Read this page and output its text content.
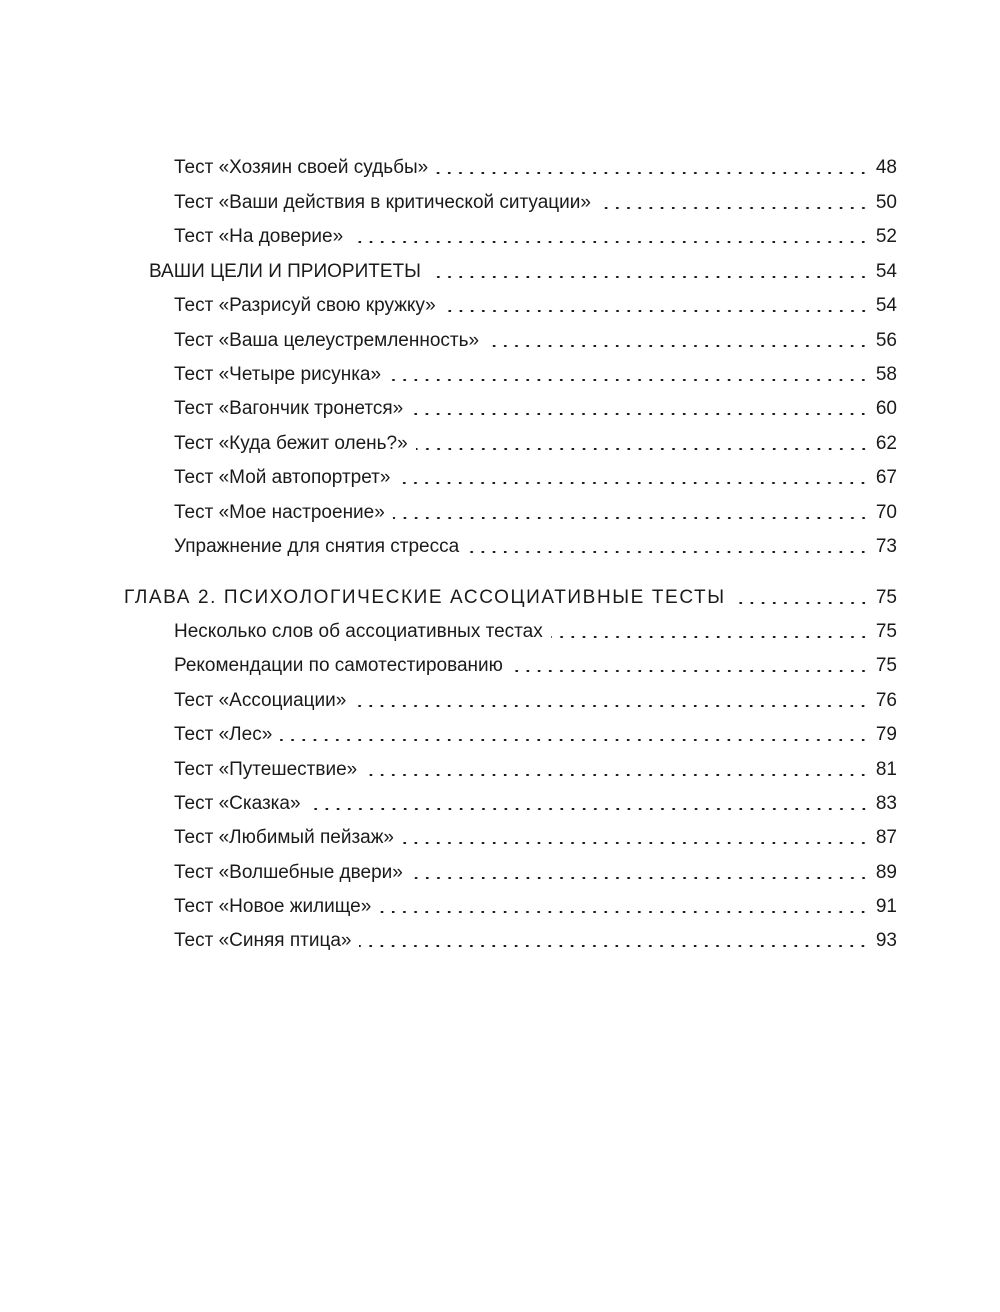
Тест «Хозяин своей судьбы»	48
Тест «Ваши действия в критической ситуации»	50
Тест «На доверие»	52
ВАШИ ЦЕЛИ И ПРИОРИТЕТЫ	54
Тест «Разрисуй свою кружку»	54
Тест «Ваша целеустремленность»	56
Тест «Четыре рисунка»	58
Тест «Вагончик тронется»	60
Тест «Куда бежит олень?»	62
Тест «Мой автопортрет»	67
Тест «Мое настроение»	70
Упражнение для снятия стресса	73
ГЛАВА 2. ПСИХОЛОГИЧЕСКИЕ АССОЦИАТИВНЫЕ ТЕСТЫ	75
Несколько слов об ассоциативных тестах	75
Рекомендации по самотестированию	75
Тест «Ассоциации»	76
Тест «Лес»	79
Тест «Путешествие»	81
Тест «Сказка»	83
Тест «Любимый пейзаж»	87
Тест «Волшебные двери»	89
Тест «Новое жилище»	91
Тест «Синяя птица»	93
